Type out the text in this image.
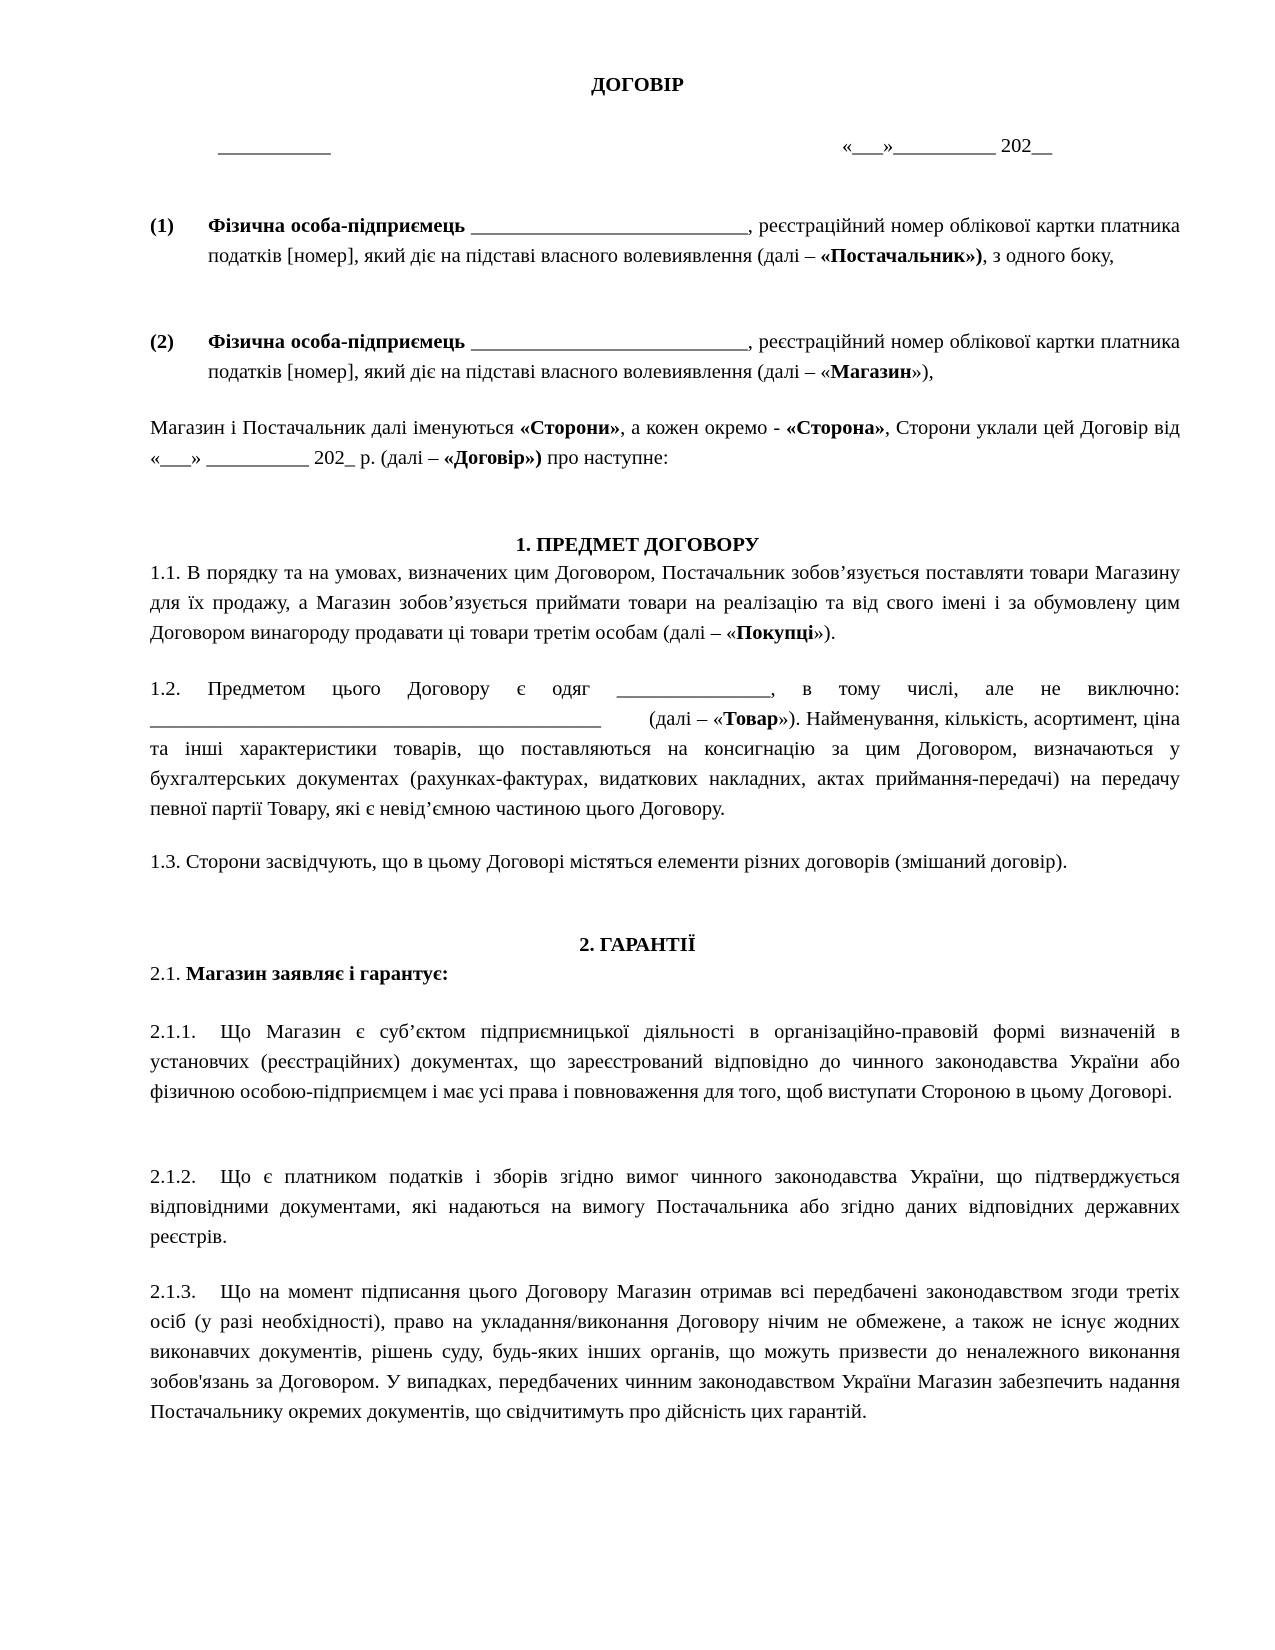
ДОГОВІР
___________	«___»__________ 202__
(1) Фізична особа-підприємець ___________________________, реєстраційний номер облікової картки платника податків [номер], який діє на підставі власного волевиявлення (далі – «Постачальник»), з одного боку,
(2) Фізична особа-підприємець ___________________________, реєстраційний номер облікової картки платника податків [номер], який діє на підставі власного волевиявлення (далі – «Магазин»),
Магазин і Постачальник далі іменуються «Сторони», а кожен окремо - «Сторона», Сторони уклали цей Договір від «___» __________ 202_ р. (далі – «Договір») про наступне:
1. ПРЕДМЕТ ДОГОВОРУ
1.1. В порядку та на умовах, визначених цим Договором, Постачальник зобов’язується поставляти товари Магазину для їх продажу, а Магазин зобов’язується приймати товари на реалізацію та від свого імені і за обумовлену цим Договором винагороду продавати ці товари третім особам (далі – «Покупці»).
1.2. Предметом цього Договору є одяг _______________, в тому числі, але не виключно:
____________________________________________ (далі – «Товар»). Найменування, кількість, асортимент, ціна та інші характеристики товарів, що поставляються на консигнацію за цим Договором, визначаються у бухгалтерських документах (рахунках-фактурах, видаткових накладних, актах приймання-передачі) на передачу певної партії Товару, які є невід’ємною частиною цього Договору.
1.3. Сторони засвідчують, що в цьому Договорі містяться елементи різних договорів (змішаний договір).
2. ГАРАНТІЇ
2.1. Магазин заявляє і гарантує:
2.1.1. Що Магазин є суб’єктом підприємницької діяльності в організаційно-правовій формі визначеній в установчих (реєстраційних) документах, що зареєстрований відповідно до чинного законодавства України або фізичною особою-підприємцем і має усі права і повноваження для того, щоб виступати Стороною в цьому Договорі.
2.1.2. Що є платником податків і зборів згідно вимог чинного законодавства України, що підтверджується відповідними документами, які надаються на вимогу Постачальника або згідно даних відповідних державних реєстрів.
2.1.3. Що на момент підписання цього Договору Магазин отримав всі передбачені законодавством згоди третіх осіб (у разі необхідності), право на укладання/виконання Договору нічим не обмежене, а також не існує жодних виконавчих документів, рішень суду, будь-яких інших органів, що можуть призвести до неналежного виконання зобов'язань за Договором. У випадках, передбачених чинним законодавством України Магазин забезпечить надання Постачальнику окремих документів, що свідчитимуть про дійсність цих гарантій.
